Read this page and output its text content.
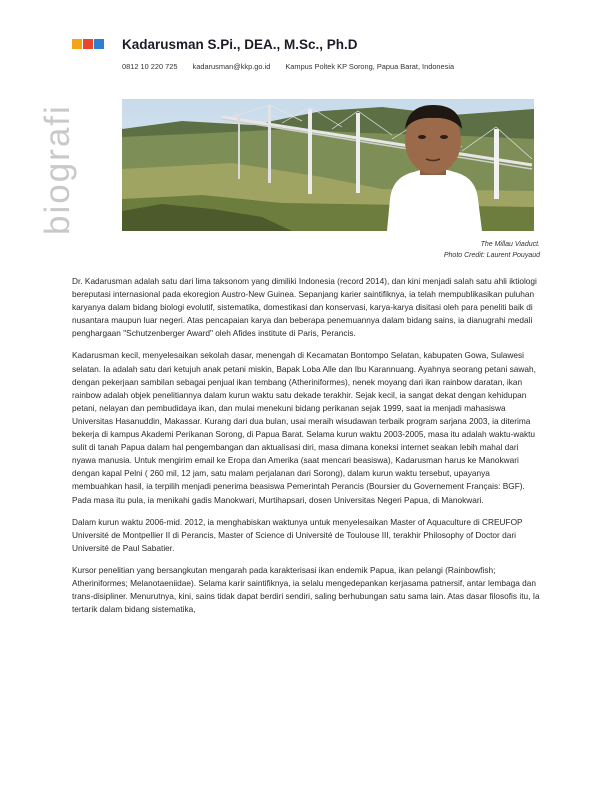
Kadarusman S.Pi., DEA., M.Sc., Ph.D
0812 10 220 725 kadarusman@kkp.go.id Kampus Poltek KP Sorong, Papua Barat, Indonesia
biografi
The Millau Viaduct.
Photo Credit: Laurent Pouyaud

Dr. Kadarusman adalah satu dari lima taksonom yang dimiliki Indonesia (record 2014), dan kini menjadi salah satu ahli iktiologi bereputasi internasional pada ekoregion Austro-New Guinea. Sepanjang karier saintifiknya, ia telah mempublikasikan puluhan karyanya dalam bidang biologi evolutif, sistematika, domestikasi dan konservasi, karya-karya disitasi oleh para peneliti baik di nusantara maupun luar negeri. Atas pencapaian karya dan beberapa penemuannya dalam bidang sains, ia dianugrahi medali penghargaan "Schutzenberger Award" oleh Afides institute di Paris, Perancis.

Kadarusman kecil, menyelesaikan sekolah dasar, menengah di Kecamatan Bontompo Selatan, kabupaten Gowa, Sulawesi selatan. Ia adalah satu dari ketujuh anak petani miskin, Bapak Loba Alle dan Ibu Karannuang. Ayahnya seorang petani sawah, dengan pekerjaan sambilan sebagai penjual ikan tembang (Atheriniformes), nenek moyang dari ikan rainbow daratan, ikan rainbow adalah objek penelitiannya dalam kurun waktu satu dekade terakhir. Sejak kecil, ia sangat dekat dengan kehidupan petani, nelayan dan pembudidaya ikan, dan mulai menekuni bidang perikanan sejak 1999, saat ia menjadi mahasiswa Universitas Hasanuddin, Makassar. Kurang dari dua bulan, usai meraih wisudawan terbaik program sarjana 2003, ia diterima bekerja di kampus Akademi Perikanan Sorong, di Papua Barat. Selama kurun waktu 2003-2005, masa itu adalah waktu-waktu sulit di tanah Papua dalam hal pengembangan dan aktualisasi diri, masa dimana koneksi internet seakan lebih mahal dari nyawa manusia. Untuk mengirim email ke Eropa dan Amerika (saat mencari beasiswa), Kadarusman harus ke Manokwari dengan kapal Pelni ( 260 mil, 12 jam, satu malam perjalanan dari Sorong), dalam kurun waktu tersebut, upayanya membuahkan hasil, ia terpilih menjadi penerima beasiswa Pemerintah Perancis (Boursier du Governement Français: BGF). Pada masa itu pula, ia menikahi gadis Manokwari, Murtihapsari, dosen Universitas Negeri Papua, di Manokwari.

Dalam kurun waktu 2006-mid. 2012, ia menghabiskan waktunya untuk menyelesaikan Master of Aquaculture di CREUFOP Université de Montpellier II di Perancis, Master of Science di Université de Toulouse III, terakhir Philosophy of Doctor dari Université de Paul Sabatier.

Kursor penelitian yang bersangkutan mengarah pada karakterisasi ikan endemik Papua, ikan pelangi (Rainbowfish; Atheriniformes; Melanotaeniidae). Selama karir saintifiknya, ia selalu mengedepankan kerjasama patnersif, antar lembaga dan trans-disipliner. Menurutnya, kini, sains tidak dapat berdiri sendiri, saling berhubungan satu sama lain. Atas dasar filosofis itu, Ia tertarik dalam bidang sistematika,
